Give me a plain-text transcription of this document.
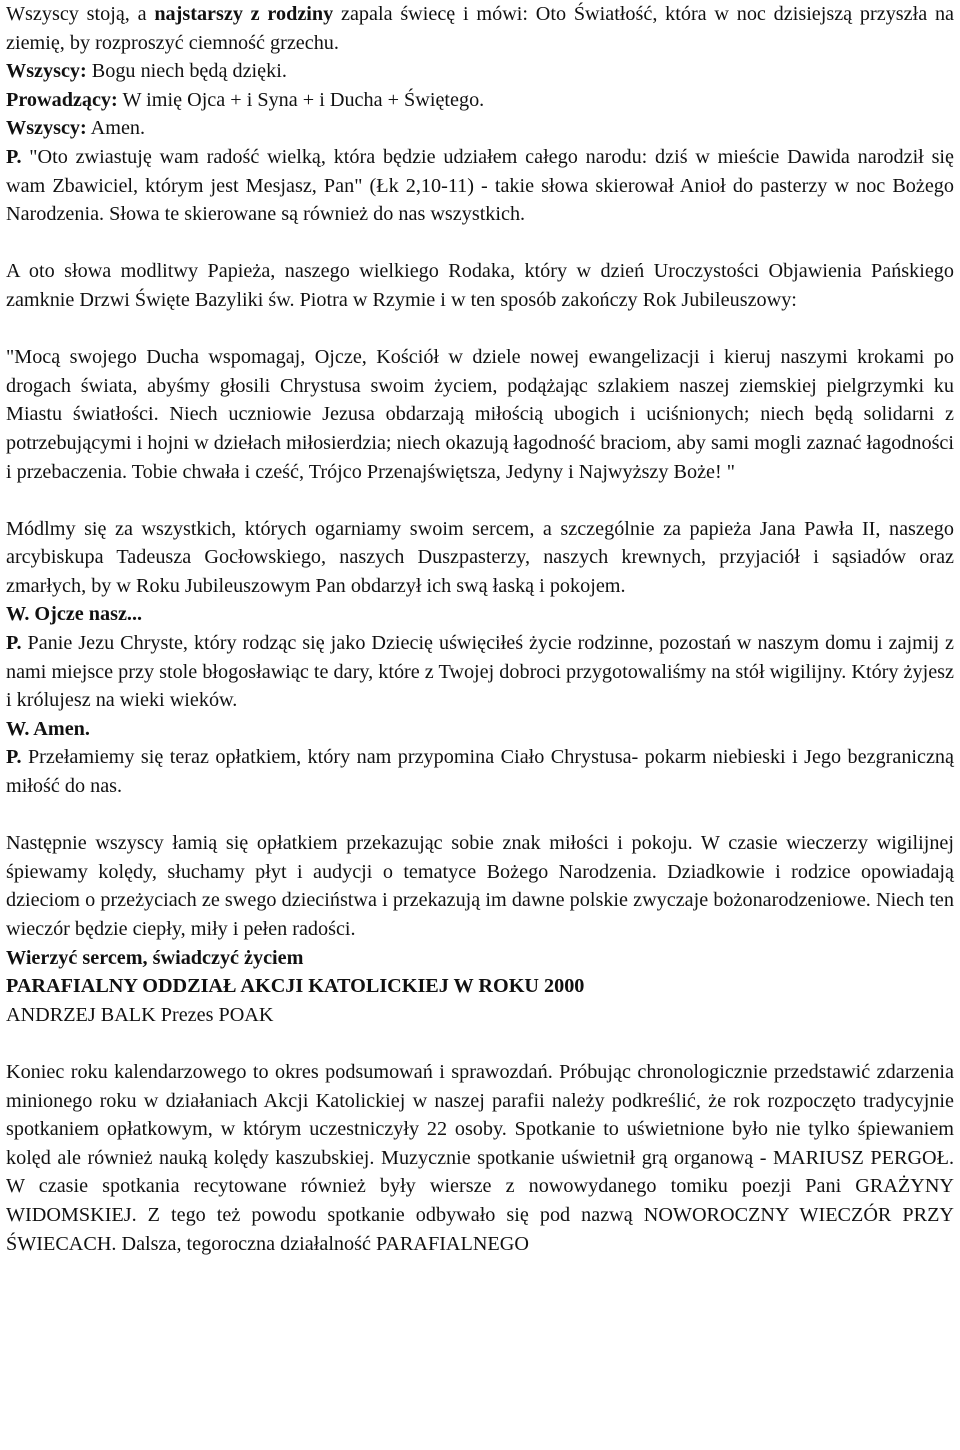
Wszyscy stoją, a najstarszy z rodziny zapala świecę i mówi: Oto Światłość, która w noc dzisiejszą przyszła na ziemię, by rozproszyć ciemność grzechu.

Wszyscy: Bogu niech będą dzięki.

Prowadzący: W imię Ojca + i Syna + i Ducha + Świętego.

Wszyscy: Amen.

P. "Oto zwiastuję wam radość wielką, która będzie udziałem całego narodu: dziś w mieście Dawida narodził się wam Zbawiciel, którym jest Mesjasz, Pan" (Łk 2,10-11) - takie słowa skierował Anioł do pasterzy w noc Bożego Narodzenia. Słowa te skierowane są również do nas wszystkich.

A oto słowa modlitwy Papieża, naszego wielkiego Rodaka, który w dzień Uroczystości Objawienia Pańskiego zamknie Drzwi Święte Bazyliki św. Piotra w Rzymie i w ten sposób zakończy Rok Jubileuszowy:

"Mocą swojego Ducha wspomagaj, Ojcze, Kościół w dziele nowej ewangelizacji i kieruj naszymi krokami po drogach świata, abyśmy głosili Chrystusa swoim życiem, podążając szlakiem naszej ziemskiej pielgrzymki ku Miastu światłości. Niech uczniowie Jezusa obdarzają miłością ubogich i uciśnionych; niech będą solidarni z potrzebującymi i hojni w dziełach miłosierdzia; niech okazują łagodność braciom, aby sami mogli zaznać łagodności i przebaczenia. Tobie chwała i cześć, Trójco Przenajświętsza, Jedyny i Najwyższy Boże! "

Módlmy się za wszystkich, których ogarniamy swoim sercem, a szczególnie za papieża Jana Pawła II, naszego arcybiskupa Tadeusza Gocłowskiego, naszych Duszpasterzy, naszych krewnych, przyjaciół i sąsiadów oraz zmarłych, by w Roku Jubileuszowym Pan obdarzył ich swą łaską i pokojem.

W. Ojcze nasz...

P. Panie Jezu Chryste, który rodząc się jako Dziecię uświęciłeś życie rodzinne, pozostań w naszym domu i zajmij z nami miejsce przy stole błogosławiąc te dary, które z Twojej dobroci przygotowaliśmy na stół wigilijny. Który żyjesz i królujesz na wieki wieków.

W. Amen.

P. Przełamiemy się teraz opłatkiem, który nam przypomina Ciało Chrystusa- pokarm niebieski i Jego bezgraniczną miłość do nas.

Następnie wszyscy łamią się opłatkiem przekazując sobie znak miłości i pokoju. W czasie wieczerzy wigilijnej śpiewamy kolędy, słuchamy płyt i audycji o tematyce Bożego Narodzenia. Dziadkowie i rodzice opowiadają dzieciom o przeżyciach ze swego dzieciństwa i przekazują im dawne polskie zwyczaje bożonarodzeniowe. Niech ten wieczór będzie ciepły, miły i pełen radości.

Wierzyć sercem, świadczyć życiem

PARAFIALNY ODDZIAŁ AKCJI KATOLICKIEJ W ROKU 2000

ANDRZEJ BALK Prezes POAK

Koniec roku kalendarzowego to okres podsumowań i sprawozdań. Próbując chronologicznie przedstawić zdarzenia minionego roku w działaniach Akcji Katolickiej w naszej parafii należy podkreślić, że rok rozpoczęto tradycyjnie spotkaniem opłatkowym, w którym uczestniczyły 22 osoby. Spotkanie to uświetnione było nie tylko śpiewaniem kolęd ale również nauką kolędy kaszubskiej. Muzycznie spotkanie uświetnił grą organową - MARIUSZ PERGOŁ. W czasie spotkania recytowane również były wiersze z nowowydanego tomiku poezji Pani GRAŻYNY WIDOMSKIEJ. Z tego też powodu spotkanie odbywało się pod nazwą NOWOROCZNY WIECZÓR PRZY ŚWIECACH. Dalsza, tegoroczna działalność PARAFIALNEGO
